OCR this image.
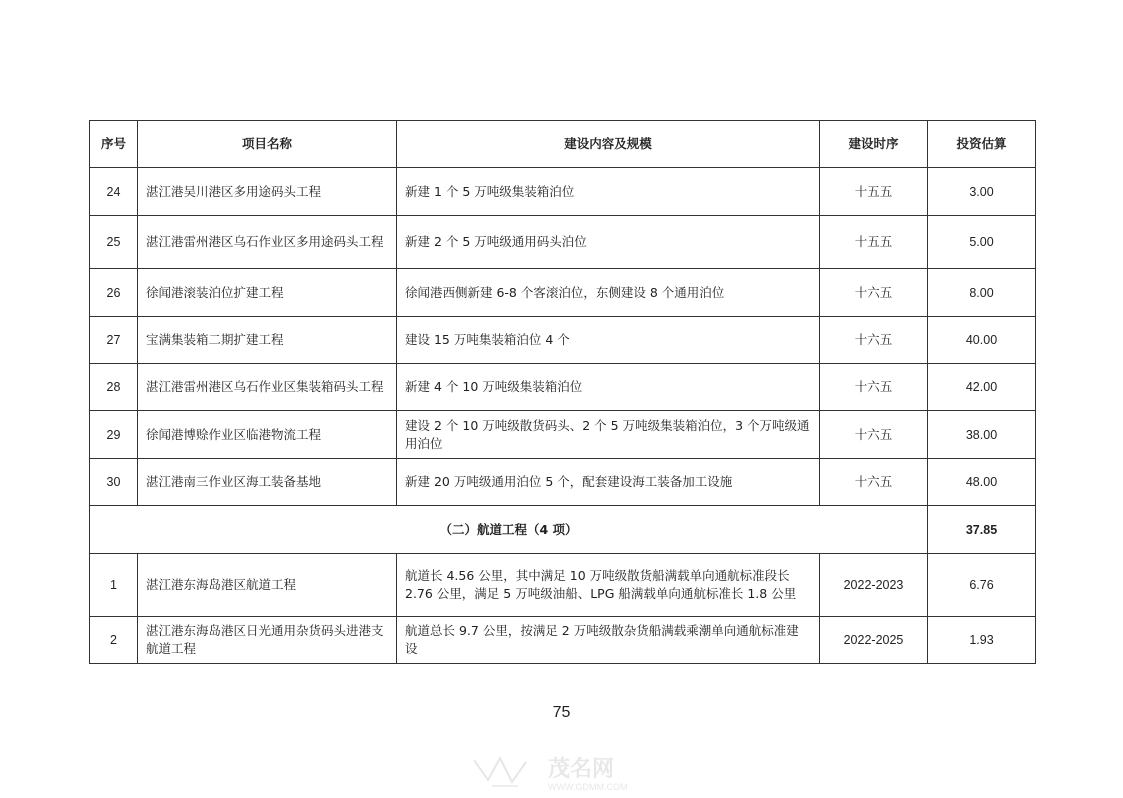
序号	项目名称	建设内容及规模	建设时序	投资估算
24	湛江港吴川港区多用途码头工程	新建 1 个 5 万吨级集装箱泊位	十五五	3.00
25	湛江港雷州港区乌石作业区多用途码头工程	新建 2 个 5 万吨级通用码头泊位	十五五	5.00
26	徐闻港滚装泊位扩建工程	徐闻港西侧新建 6-8 个客滚泊位，东侧建设 8 个通用泊位	十六五	8.00
27	宝满集装箱二期扩建工程	建设 15 万吨集装箱泊位 4 个	十六五	40.00
28	湛江港雷州港区乌石作业区集装箱码头工程	新建 4 个 10 万吨级集装箱泊位	十六五	42.00
29	徐闻港博赊作业区临港物流工程	建设 2 个 10 万吨级散货码头、2 个 5 万吨级集装箱泊位，3 个万吨级通用泊位	十六五	38.00
30	湛江港南三作业区海工装备基地	新建 20 万吨级通用泊位 5 个，配套建设海工装备加工设施	十六五	48.00
（二）航道工程（4 项）				37.85
1	湛江港东海岛港区航道工程	航道长 4.56 公里，其中满足 10 万吨级散货船满载单向通航标准段长 2.76 公里，满足 5 万吨级油船、LPG 船满载单向通航标准长 1.8 公里	2022-2023	6.76
2	湛江港东海岛港区日光通用杂货码头进港支航道工程	航道总长 9.7 公里，按满足 2 万吨级散杂货船满载乘潮单向通航标准建设	2022-2025	1.93
75
茂名网
WWW.GDMM.COM
